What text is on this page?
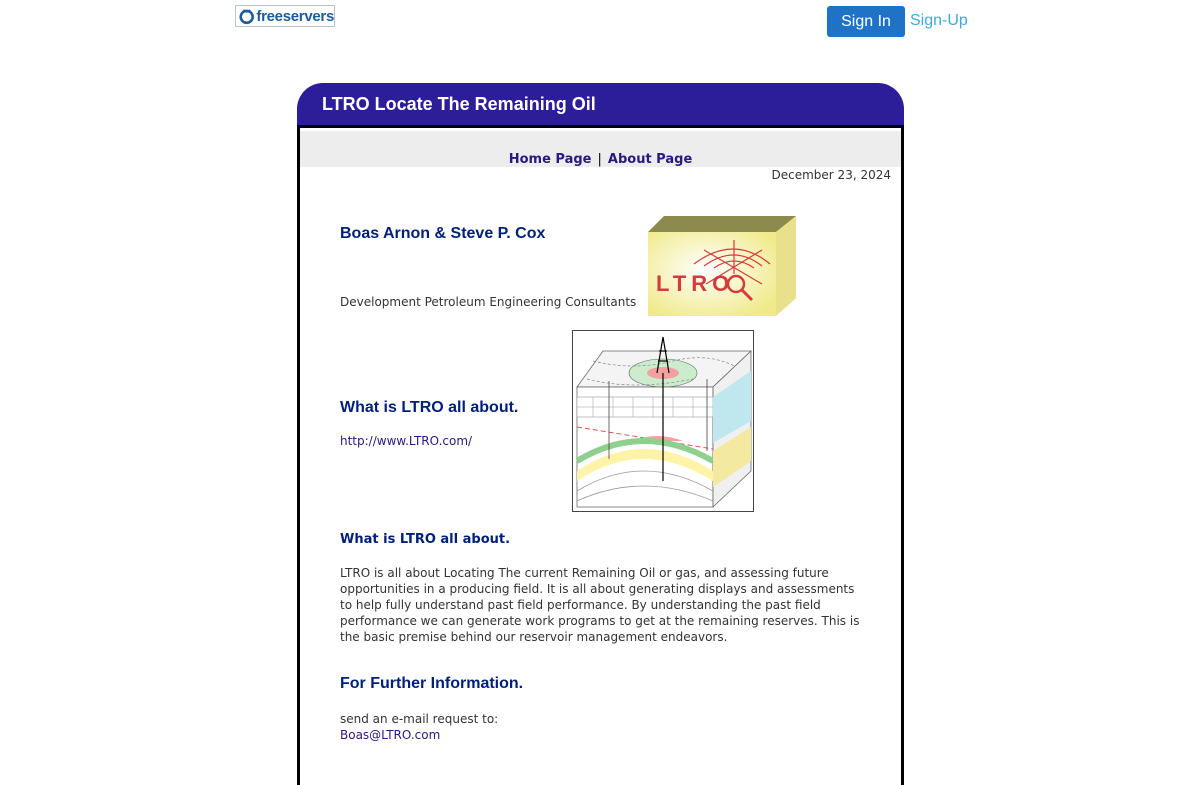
freeservers	Sign In	Sign-Up
LTRO Locate The Remaining Oil
Home Page | About Page
December 23, 2024
Boas Arnon & Steve P. Cox
Development Petroleum Engineering Consultants
LTRO
What is LTRO all about.
http://www.LTRO.com/
What is LTRO all about.

LTRO is all about Locating The current Remaining Oil or gas, and assessing future opportunities in a producing field. It is all about generating displays and assessments to help fully understand past field performance. By understanding the past field performance we can generate work programs to get at the remaining reserves. This is the basic premise behind our reservoir management endeavors.

For Further Information.
send an e-mail request to:
Boas@LTRO.com
